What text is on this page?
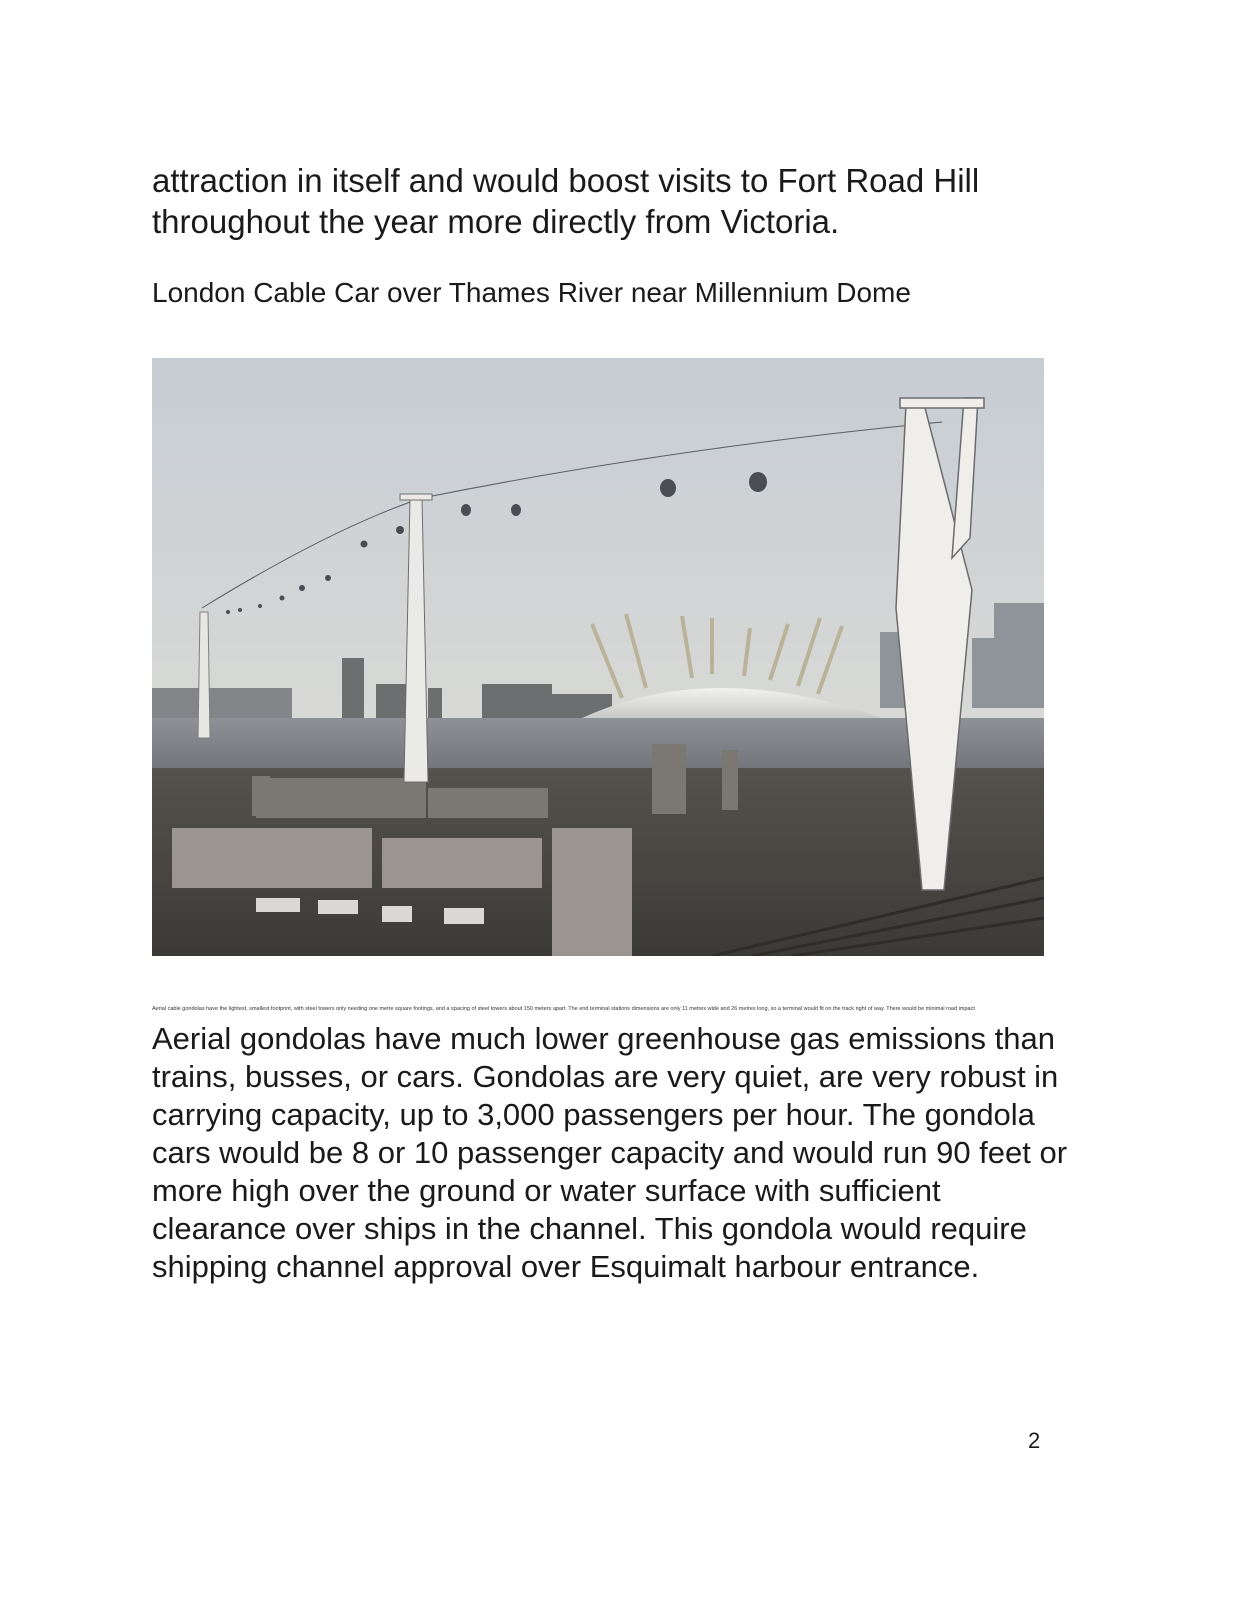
attraction in itself and would boost visits to Fort Road Hill throughout the year more directly from Victoria.

London Cable Car over Thames River near Millennium Dome

Aerial cable gondolas have the lightest, smallest footprint, with steel towers only needing one metre square footings, and a spacing of steel towers about 150 meters apart. The end terminal stations dimensions are only 11 metres wide and 26 metres long, so a terminal would fit on the track right of way. There would be minimal road impact

Aerial gondolas have much lower greenhouse gas emissions than trains, busses, or cars. Gondolas are very quiet, are very robust in carrying capacity, up to 3,000 passengers per hour. The gondola cars would be 8 or 10 passenger capacity and would run 90 feet or more high over the ground or water surface with sufficient clearance over ships in the channel. This gondola would require shipping channel approval over Esquimalt harbour entrance.

2
